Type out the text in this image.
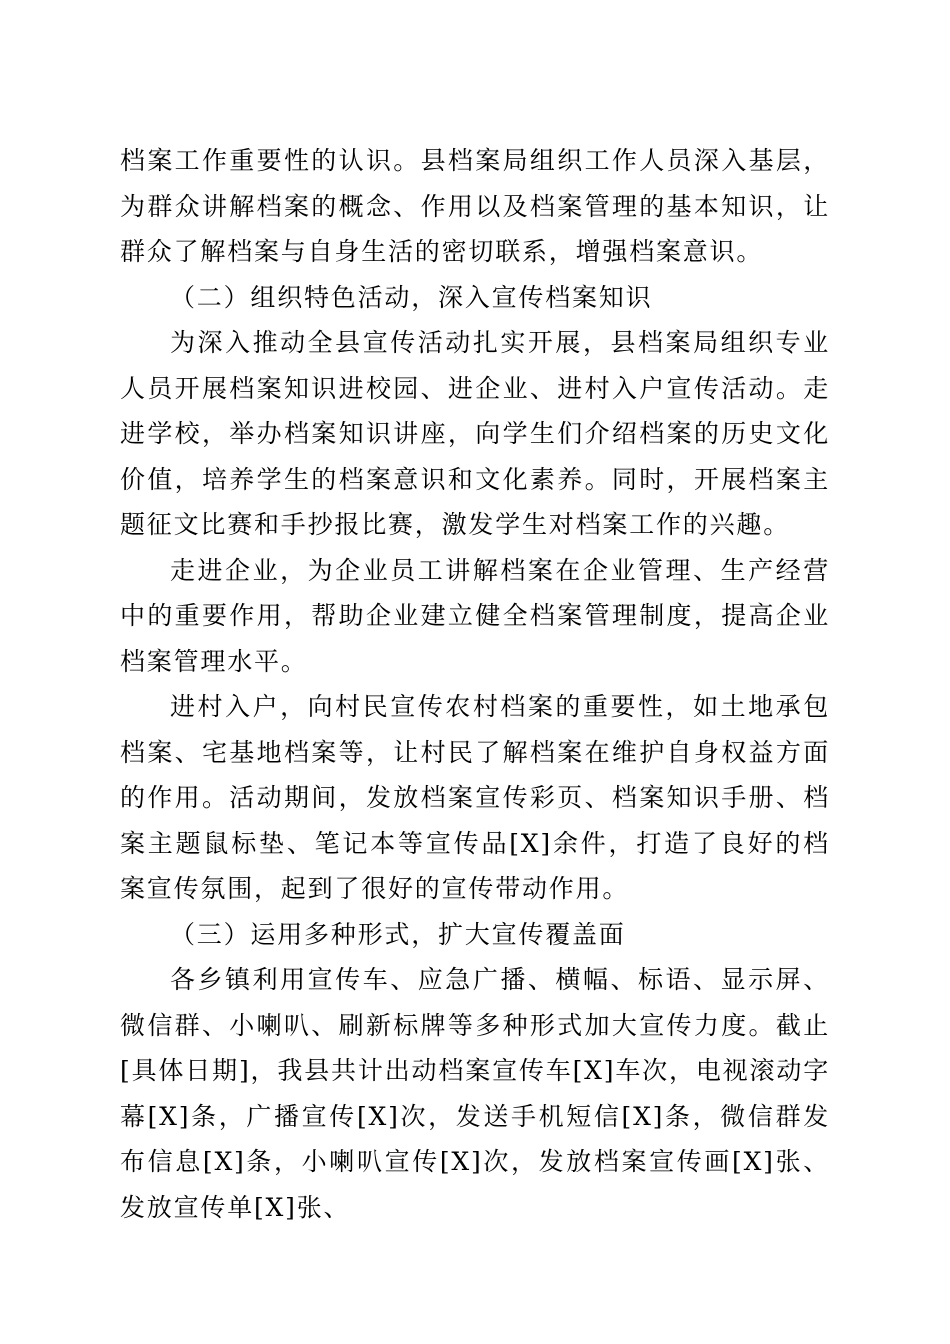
档案工作重要性的认识。县档案局组织工作人员深入基层，为群众讲解档案的概念、作用以及档案管理的基本知识，让群众了解档案与自身生活的密切联系，增强档案意识。

（二）组织特色活动，深入宣传档案知识

为深入推动全县宣传活动扎实开展，县档案局组织专业人员开展档案知识进校园、进企业、进村入户宣传活动。走进学校，举办档案知识讲座，向学生们介绍档案的历史文化价值，培养学生的档案意识和文化素养。同时，开展档案主题征文比赛和手抄报比赛，激发学生对档案工作的兴趣。

走进企业，为企业员工讲解档案在企业管理、生产经营中的重要作用，帮助企业建立健全档案管理制度，提高企业档案管理水平。

进村入户，向村民宣传农村档案的重要性，如土地承包档案、宅基地档案等，让村民了解档案在维护自身权益方面的作用。活动期间，发放档案宣传彩页、档案知识手册、档案主题鼠标垫、笔记本等宣传品[X]余件，打造了良好的档案宣传氛围，起到了很好的宣传带动作用。

（三）运用多种形式，扩大宣传覆盖面

各乡镇利用宣传车、应急广播、横幅、标语、显示屏、微信群、小喇叭、刷新标牌等多种形式加大宣传力度。截止[具体日期]，我县共计出动档案宣传车[X]车次，电视滚动字幕[X]条，广播宣传[X]次，发送手机短信[X]条，微信群发布信息[X]条，小喇叭宣传[X]次，发放档案宣传画[X]张、发放宣传单[X]张、
